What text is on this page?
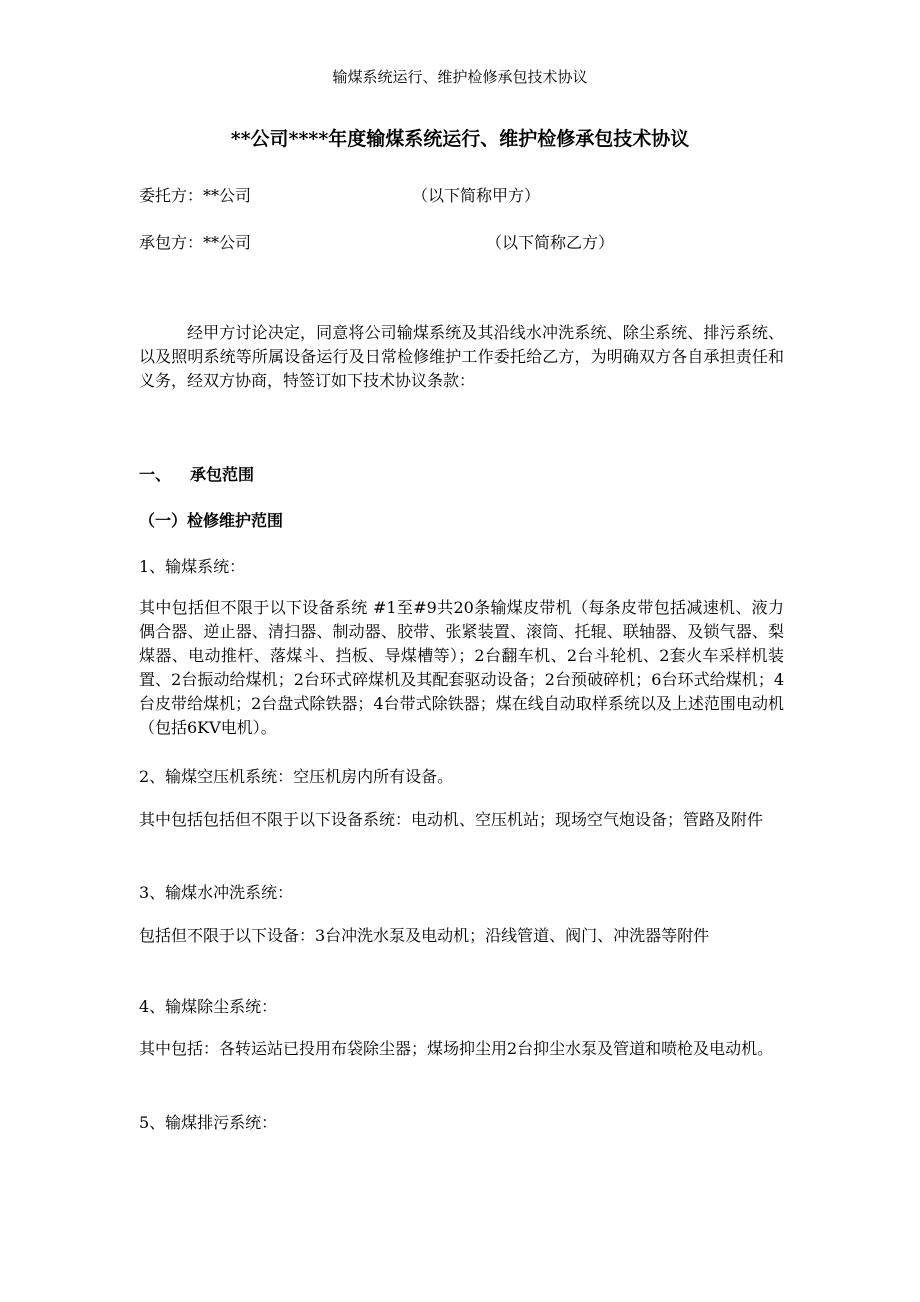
输煤系统运行、维护检修承包技术协议
**公司****年度输煤系统运行、维护检修承包技术协议
委托方：**公司	（以下简称甲方）
承包方：**公司	（以下简称乙方）
经甲方讨论决定，同意将公司输煤系统及其沿线水冲洗系统、除尘系统、排污系统、以及照明系统等所属设备运行及日常检修维护工作委托给乙方，为明确双方各自承担责任和义务，经双方协商，特签订如下技术协议条款：
一、 承包范围
（一）检修维护范围
1、输煤系统：
其中包括但不限于以下设备系统 #1至#9共20条输煤皮带机（每条皮带包括减速机、液力偶合器、逆止器、清扫器、制动器、胶带、张紧装置、滚筒、托辊、联轴器、及锁气器、梨煤器、电动推杆、落煤斗、挡板、导煤槽等）；2台翻车机、2台斗轮机、2套火车采样机装置、2台振动给煤机；2台环式碎煤机及其配套驱动设备；2台预破碎机；6台环式给煤机；4台皮带给煤机；2台盘式除铁器；4台带式除铁器；煤在线自动取样系统以及上述范围电动机（包括6KV电机）。
2、输煤空压机系统：空压机房内所有设备。
其中包括包括但不限于以下设备系统：电动机、空压机站；现场空气炮设备；管路及附件
3、输煤水冲洗系统：
包括但不限于以下设备：3台冲洗水泵及电动机；沿线管道、阀门、冲洗器等附件
4、输煤除尘系统：
其中包括：各转运站已投用布袋除尘器；煤场抑尘用2台抑尘水泵及管道和喷枪及电动机。
5、输煤排污系统：
